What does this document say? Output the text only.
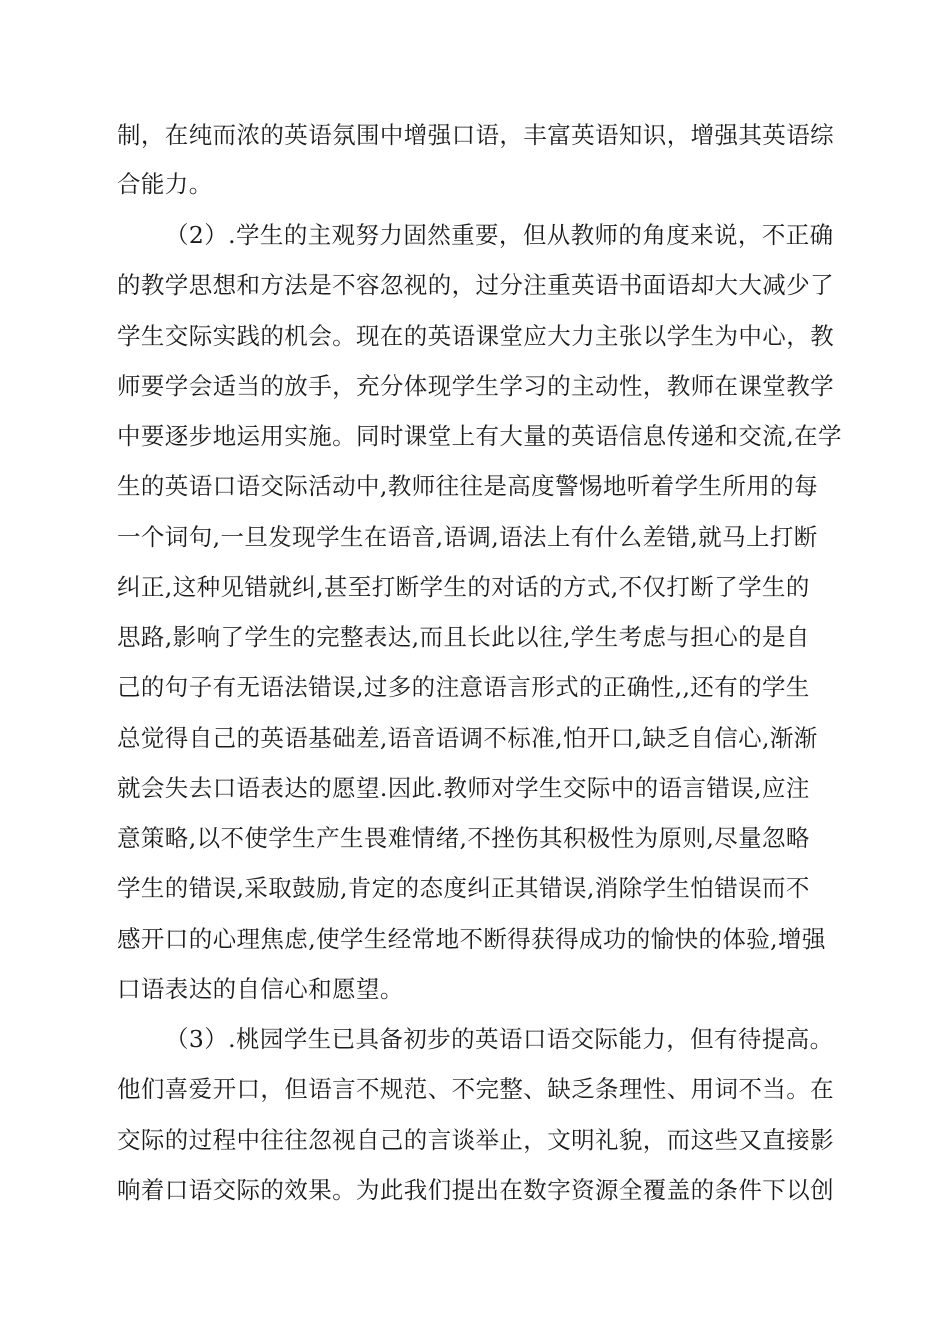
制，在纯而浓的英语氛围中增强口语，丰富英语知识，增强其英语综
合能力。
（2）.学生的主观努力固然重要，但从教师的角度来说，不正确
的教学思想和方法是不容忽视的，过分注重英语书面语却大大减少了
学生交际实践的机会。现在的英语课堂应大力主张以学生为中心，教
师要学会适当的放手，充分体现学生学习的主动性，教师在课堂教学
中要逐步地运用实施。同时课堂上有大量的英语信息传递和交流,在学
生的英语口语交际活动中,教师往往是高度警惕地听着学生所用的每
一个词句,一旦发现学生在语音,语调,语法上有什么差错,就马上打断
纠正,这种见错就纠,甚至打断学生的对话的方式,不仅打断了学生的
思路,影响了学生的完整表达,而且长此以往,学生考虑与担心的是自
己的句子有无语法错误,过多的注意语言形式的正确性,,还有的学生
总觉得自己的英语基础差,语音语调不标准,怕开口,缺乏自信心,渐渐
就会失去口语表达的愿望.因此.教师对学生交际中的语言错误,应注
意策略,以不使学生产生畏难情绪,不挫伤其积极性为原则,尽量忽略
学生的错误,采取鼓励,肯定的态度纠正其错误,消除学生怕错误而不
感开口的心理焦虑,使学生经常地不断得获得成功的愉快的体验,增强
口语表达的自信心和愿望。
（3）.桃园学生已具备初步的英语口语交际能力，但有待提高。
他们喜爱开口，但语言不规范、不完整、缺乏条理性、用词不当。在
交际的过程中往往忽视自己的言谈举止，文明礼貌，而这些又直接影
响着口语交际的效果。为此我们提出在数字资源全覆盖的条件下以创
